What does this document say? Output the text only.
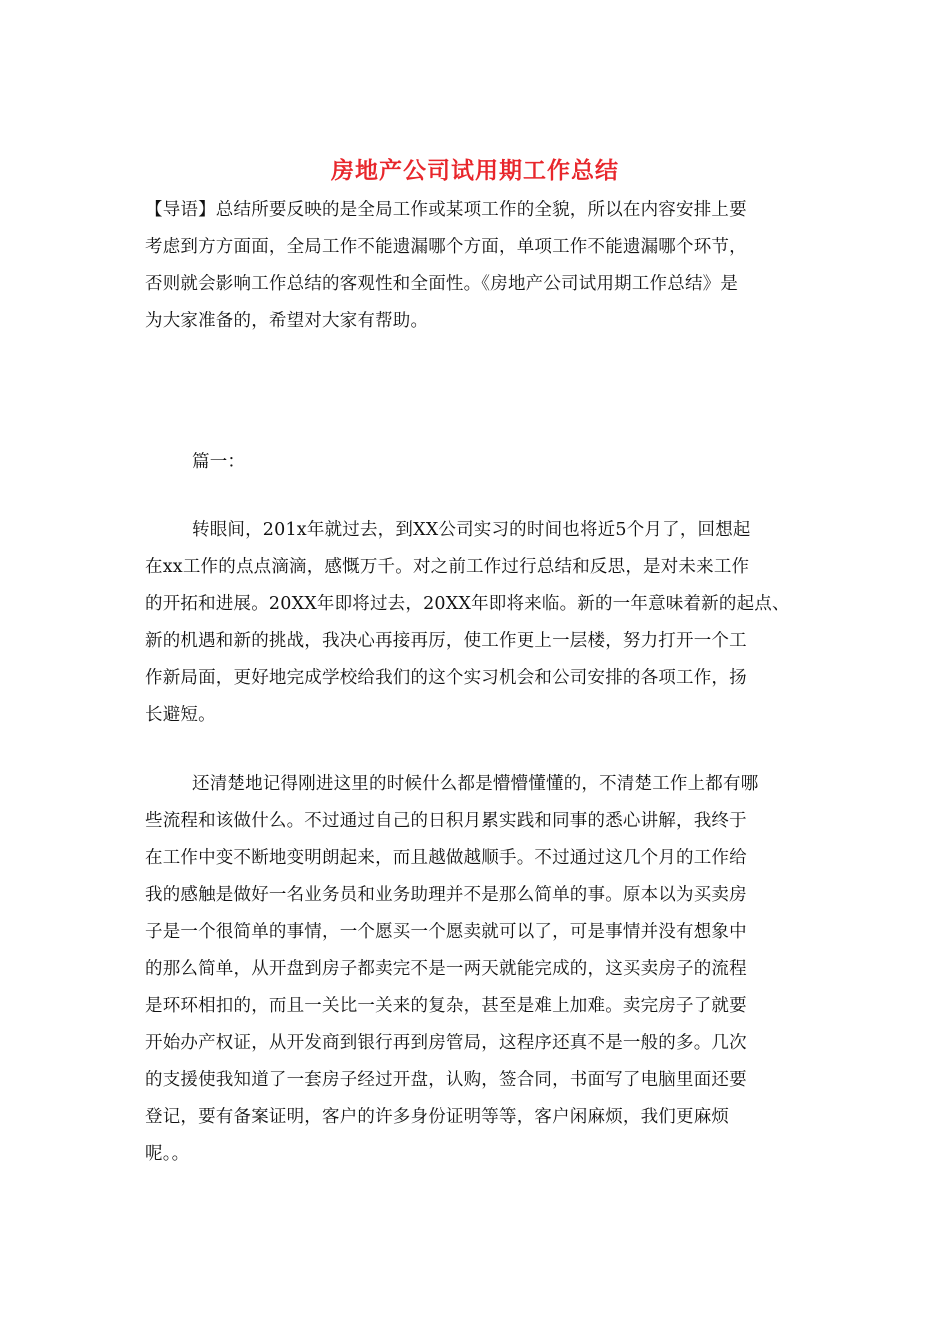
房地产公司试用期工作总结
【导语】总结所要反映的是全局工作或某项工作的全貌，所以在内容安排上要
考虑到方方面面，全局工作不能遗漏哪个方面，单项工作不能遗漏哪个环节，
否则就会影响工作总结的客观性和全面性。《房地产公司试用期工作总结》是
为大家准备的，希望对大家有帮助。
篇一：
转眼间，201x年就过去，到XX公司实习的时间也将近5个月了，回想起
在xx工作的点点滴滴，感慨万千。对之前工作过行总结和反思，是对未来工作
的开拓和进展。20XX年即将过去，20XX年即将来临。新的一年意味着新的起点、
新的机遇和新的挑战，我决心再接再厉，使工作更上一层楼，努力打开一个工
作新局面，更好地完成学校给我们的这个实习机会和公司安排的各项工作，扬
长避短。
还清楚地记得刚进这里的时候什么都是懵懵懂懂的，不清楚工作上都有哪
些流程和该做什么。不过通过自己的日积月累实践和同事的悉心讲解，我终于
在工作中变不断地变明朗起来，而且越做越顺手。不过通过这几个月的工作给
我的感触是做好一名业务员和业务助理并不是那么简单的事。原本以为买卖房
子是一个很简单的事情，一个愿买一个愿卖就可以了，可是事情并没有想象中
的那么简单，从开盘到房子都卖完不是一两天就能完成的，这买卖房子的流程
是环环相扣的，而且一关比一关来的复杂，甚至是难上加难。卖完房子了就要
开始办产权证，从开发商到银行再到房管局，这程序还真不是一般的多。几次
的支援使我知道了一套房子经过开盘，认购，签合同，书面写了电脑里面还要
登记，要有备案证明，客户的许多身份证明等等，客户闲麻烦，我们更麻烦
呢。。
